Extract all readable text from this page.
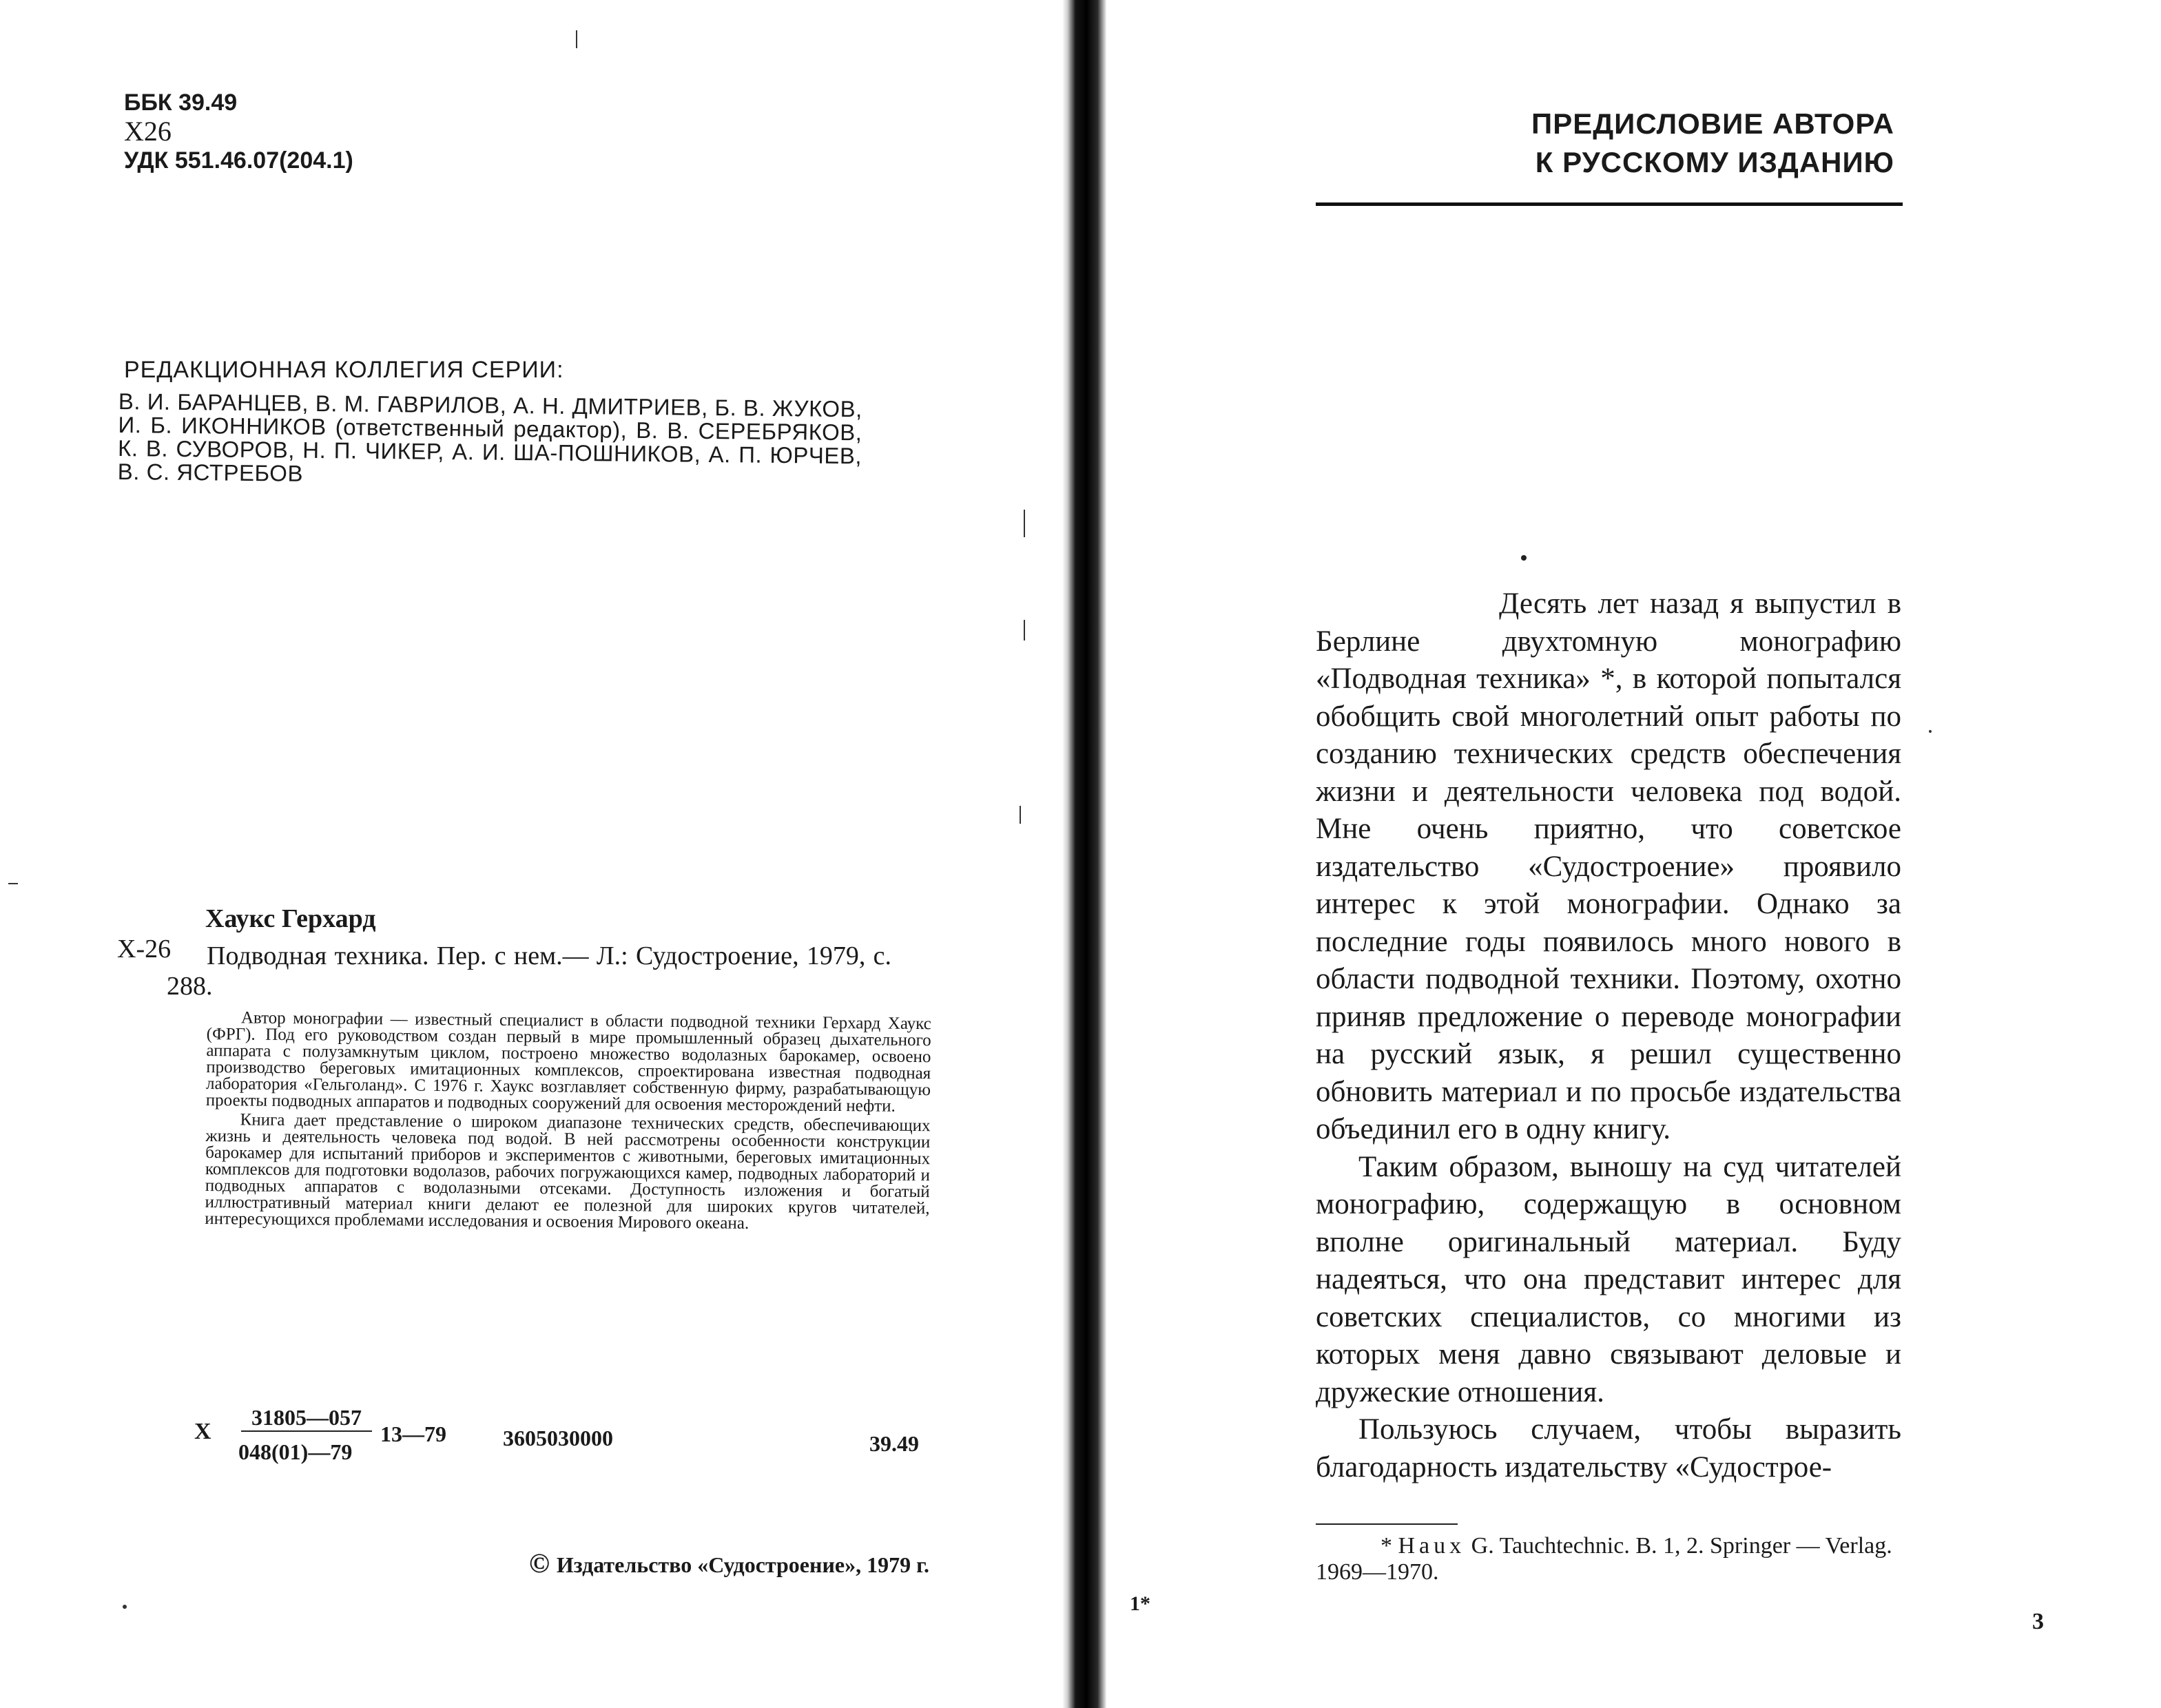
ББК 39.49
Х26
УДК 551.46.07(204.1)
РЕДАКЦИОННАЯ КОЛЛЕГИЯ СЕРИИ:
В. И. БАРАНЦЕВ, В. М. ГАВРИЛОВ, А. Н. ДМИТРИЕВ, Б. В. ЖУКОВ, И. Б. ИКОННИКОВ (ответственный редактор), В. В. СЕРЕБРЯКОВ, К. В. СУВОРОВ, Н. П. ЧИКЕР, А. И. ША-ПОШНИКОВ, А. П. ЮРЧЕВ, В. С. ЯСТРЕБОВ
Хаукс Герхард
Х-26	Подводная техника. Пер. с нем.— Л.: Судостроение, 1979, с. 288.

Автор монографии — известный специалист в области подводной техники Герхард Хаукс (ФРГ). Под его руководством создан первый в мире промышленный образец дыхательного аппарата с полузамкнутым циклом, построено множество водолазных барокамер, освоено производство береговых имитационных комплексов, спроектирована известная подводная лаборатория «Гельголанд». С 1976 г. Хаукс возглавляет собственную фирму, разрабатывающую проекты подводных аппаратов и подводных сооружений для освоения месторождений нефти.

Книга дает представление о широком диапазоне технических средств, обеспечивающих жизнь и деятельность человека под водой. В ней рассмотрены особенности конструкции барокамер для испытаний приборов и экспериментов с животными, береговых имитационных комплексов для подготовки водолазов, рабочих погружающихся камер, подводных лабораторий и подводных аппаратов с водолазными отсеками. Доступность изложения и богатый иллюстративный материал книги делают ее полезной для широких кругов читателей, интересующихся проблемами исследования и освоения Мирового океана.

Х
31805—057
048(01)—79
13—79	3605030000	39.49
© Издательство «Судостроение», 1979 г.
1*
ПРЕДИСЛОВИЕ АВТОРА
К РУССКОМУ ИЗДАНИЮ

Десять лет назад я выпустил в Берлине двухтомную монографию «Подводная техника» *, в которой попытался обобщить свой многолетний опыт работы по созданию технических средств обеспечения жизни и деятельности человека под водой. Мне очень приятно, что советское издательство «Судостроение» проявило интерес к этой монографии. Однако за последние годы появилось много нового в области подводной техники. Поэтому, охотно приняв предложение о переводе монографии на русский язык, я решил существенно обновить материал и по просьбе издательства объединил его в одну книгу.

Таким образом, выношу на суд читателей монографию, содержащую в основном вполне оригинальный материал. Буду надеяться, что она представит интерес для советских специалистов, со многими из которых меня давно связывают деловые и дружеские отношения.

Пользуюсь случаем, чтобы выразить благодарность издательству «Судострое-

* Haux G. Tauchtechnic. B. 1, 2. Springer — Verlag. 1969—1970.
3
